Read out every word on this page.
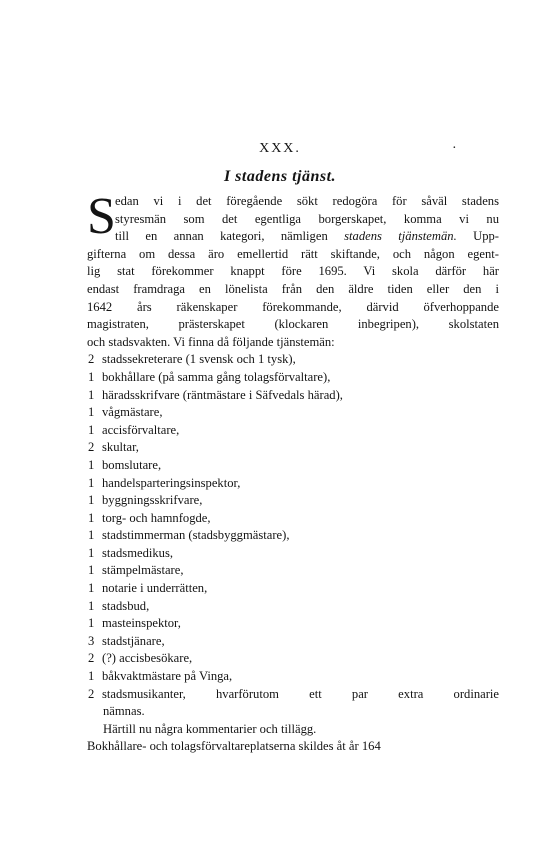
XXX.	·
I stadens tjänst.
S edan vi i det föregående sökt redogöra för såväl stadens
styresmän som det egentliga borgerskapet, komma vi nu
till en annan kategori, nämligen stadens tjänstemän. Upp-
gifterna om dessa äro emellertid rätt skiftande, och någon egent-
lig stat förekommer knappt före 1695. Vi skola därför här
endast framdraga en lönelista från den äldre tiden eller den i
1642 års räkenskaper förekommande, därvid öfverhoppande
magistraten, prästerskapet (klockaren inbegripen), skolstaten
och stadsvakten. Vi finna då följande tjänstemän:
2 stadssekreterare (1 svensk och 1 tysk),
1 bokhållare (på samma gång tolagsförvaltare),
1 häradsskrifvare (räntmästare i Säfvedals härad),
1 vågmästare,
1 accisförvaltare,
2 skultar,
1 bomslutare,
1 handelsparteringsinspektor,
1 byggningsskrifvare,
1 torg- och hamnfogde,
1 stadstimmerman (stadsbyggmästare),
1 stadsmedikus,
1 stämpelmästare,
1 notarie i underrätten,
1 stadsbud,
1 masteinspektor,
3 stadstjänare,
2 (?) accisbesökare,
1 båkvaktmästare på Vinga,
2 stadsmusikanter, hvarförutom ett par extra ordinarie
nämnas.
Härtill nu några kommentarier och tillägg.
Bokhållare- och tolagsförvaltareplatserna skildes åt år 164
